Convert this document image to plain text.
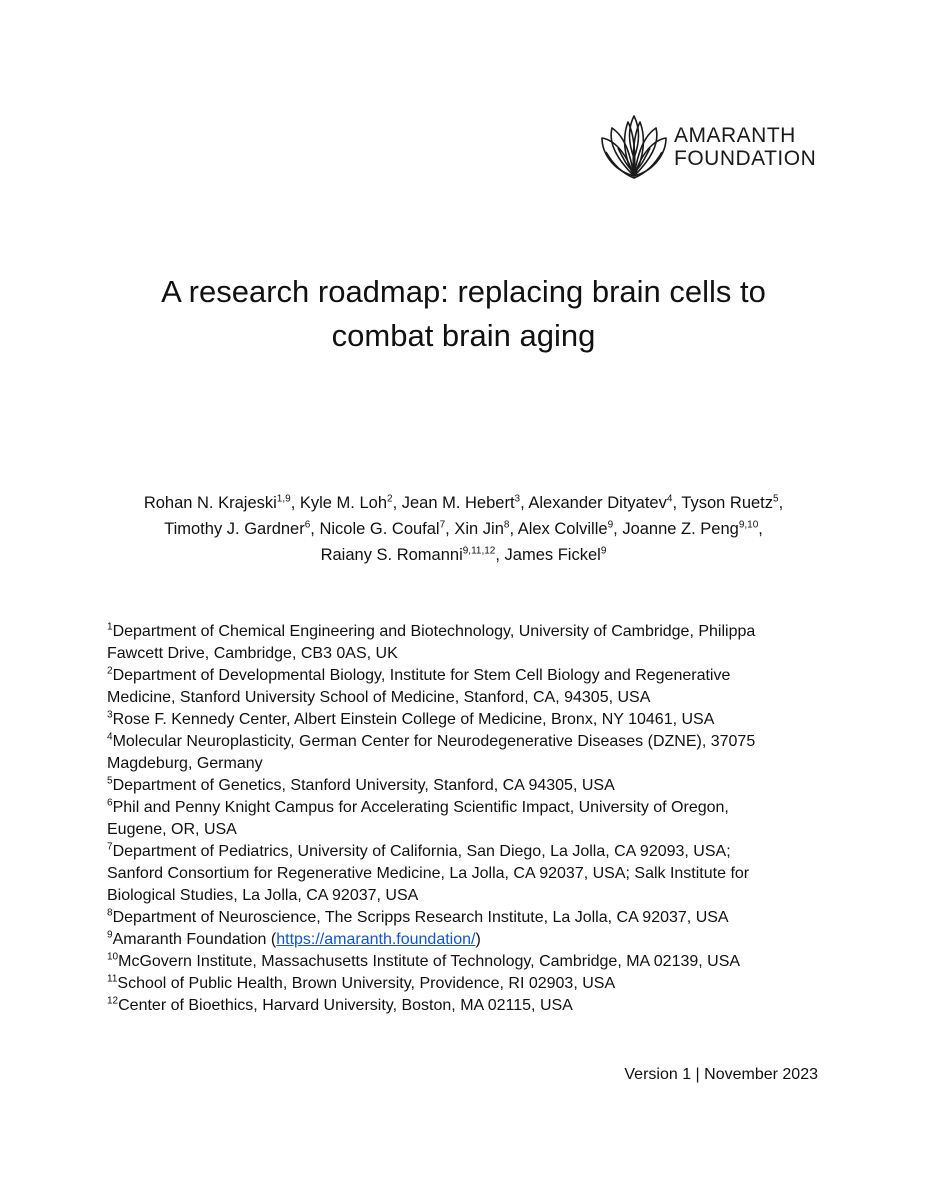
AMARANTH
FOUNDATION
A research roadmap: replacing brain cells to
combat brain aging
Rohan N. Krajeski$^{1,9}$, Kyle M. Loh$^2$, Jean M. Hebert$^3$, Alexander Dityatev$^4$, Tyson Ruetz$^5$,
Timothy J. Gardner$^6$, Nicole G. Coufal$^7$, Xin Jin$^8$, Alex Colville$^9$, Joanne Z. Peng$^{9,10}$,
Raiany S. Romanni$^{9,11,12}$, James Fickel$^9$
$^1$Department of Chemical Engineering and Biotechnology, University of Cambridge, Philippa
Fawcett Drive, Cambridge, CB3 0AS, UK
$^2$Department of Developmental Biology, Institute for Stem Cell Biology and Regenerative
Medicine, Stanford University School of Medicine, Stanford, CA, 94305, USA
$^3$Rose F. Kennedy Center, Albert Einstein College of Medicine, Bronx, NY 10461, USA
$^4$Molecular Neuroplasticity, German Center for Neurodegenerative Diseases (DZNE), 37075
Magdeburg, Germany
$^5$Department of Genetics, Stanford University, Stanford, CA 94305, USA
$^6$Phil and Penny Knight Campus for Accelerating Scientific Impact, University of Oregon,
Eugene, OR, USA
$^7$Department of Pediatrics, University of California, San Diego, La Jolla, CA 92093, USA;
Sanford Consortium for Regenerative Medicine, La Jolla, CA 92037, USA; Salk Institute for
Biological Studies, La Jolla, CA 92037, USA
$^8$Department of Neuroscience, The Scripps Research Institute, La Jolla, CA 92037, USA
$^9$Amaranth Foundation (https://amaranth.foundation/)
$^{10}$McGovern Institute, Massachusetts Institute of Technology, Cambridge, MA 02139, USA
$^{11}$School of Public Health, Brown University, Providence, RI 02903, USA
$^{12}$Center of Bioethics, Harvard University, Boston, MA 02115, USA
Version 1 | November 2023
